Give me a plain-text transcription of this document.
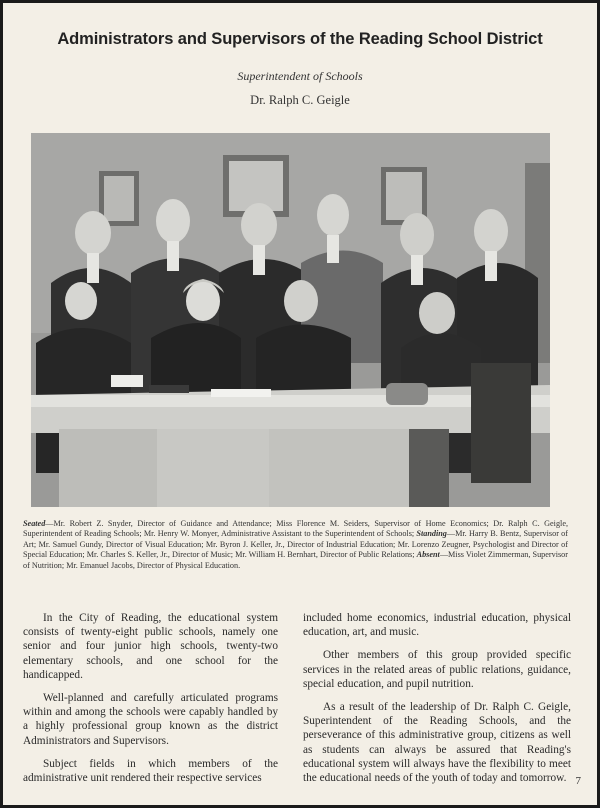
Administrators and Supervisors of the Reading School District
Superintendent of Schools
Dr. Ralph C. Geigle
Seated—Mr. Robert Z. Snyder, Director of Guidance and Attendance; Miss Florence M. Seiders, Supervisor of Home Economics; Dr. Ralph C. Geigle, Superintendent of Reading Schools; Mr. Henry W. Monyer, Administrative Assistant to the Superintendent of Schools; Standing—Mr. Harry B. Bentz, Supervisor of Art; Mr. Samuel Gundy, Director of Visual Education; Mr. Byron J. Keller, Jr., Director of Industrial Education; Mr. Lorenzo Zeugner, Psychologist and Director of Special Education; Mr. Charles S. Keller, Jr., Director of Music; Mr. William H. Bernhart, Director of Public Relations; Absent—Miss Violet Zimmerman, Supervisor of Nutrition; Mr. Emanuel Jacobs, Director of Physical Education.

In the City of Reading, the educational system consists of twenty-eight public schools, namely one senior and four junior high schools, twenty-two elementary schools, and one school for the handicapped.

Well-planned and carefully articulated programs within and among the schools were capably handled by a highly professional group known as the district Administrators and Supervisors.

Subject fields in which members of the administrative unit rendered their respective services

included home economics, industrial education, physical education, art, and music.

Other members of this group provided specific services in the related areas of public relations, guidance, special education, and pupil nutrition.

As a result of the leadership of Dr. Ralph C. Geigle, Superintendent of the Reading Schools, and the perseverance of this administrative group, citizens as well as students can always be assured that Reading's educational system will always have the flexibility to meet the educational needs of the youth of today and tomorrow. 7
